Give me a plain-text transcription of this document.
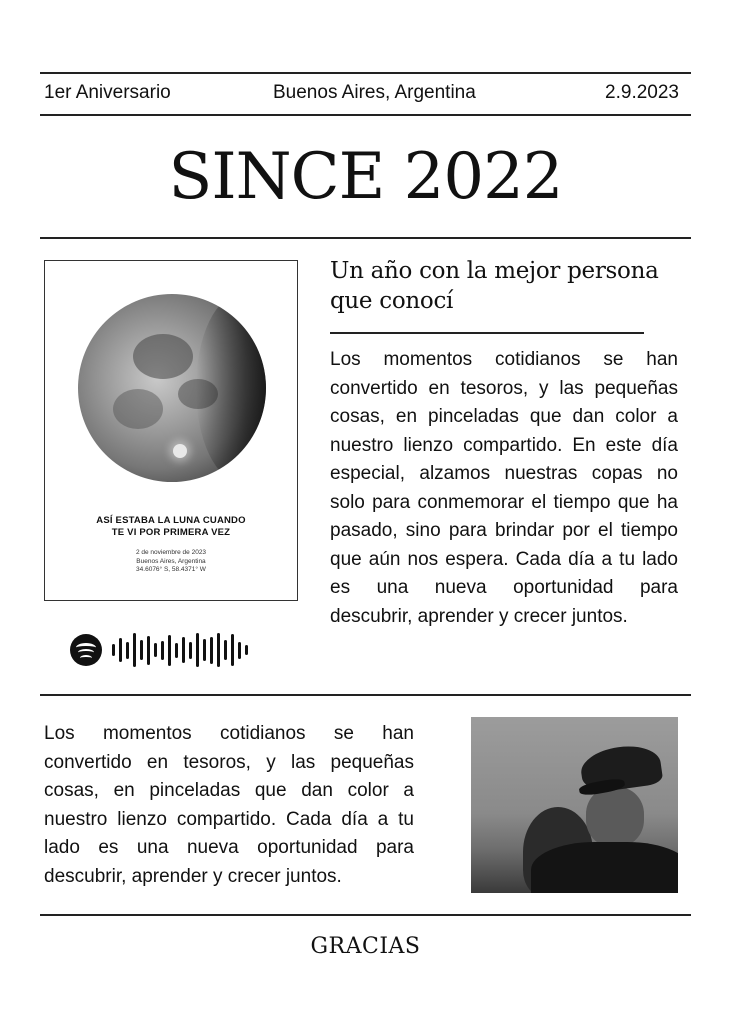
1er Aniversario	Buenos Aires, Argentina	2.9.2023
SINCE 2022
ASÍ ESTABA LA LUNA CUANDO
TE VI POR PRIMERA VEZ
2 de noviembre de 2023
Buenos Aires, Argentina
34.6076° S, 58.4371° W
Un año con la mejor persona
que conocí
Los momentos cotidianos se han convertido en tesoros, y las pequeñas cosas, en pinceladas que dan color a nuestro lienzo compartido. En este día especial, alzamos nuestras copas no solo para conmemorar el tiempo que ha pasado, sino para brindar por el tiempo que aún nos espera. Cada día a tu lado es una nueva oportunidad para descubrir, aprender y crecer juntos.
Los momentos cotidianos se han convertido en tesoros, y las pequeñas cosas, en pinceladas que dan color a nuestro lienzo compartido. Cada día a tu lado es una nueva oportunidad para descubrir, aprender y crecer juntos.
GRACIAS
